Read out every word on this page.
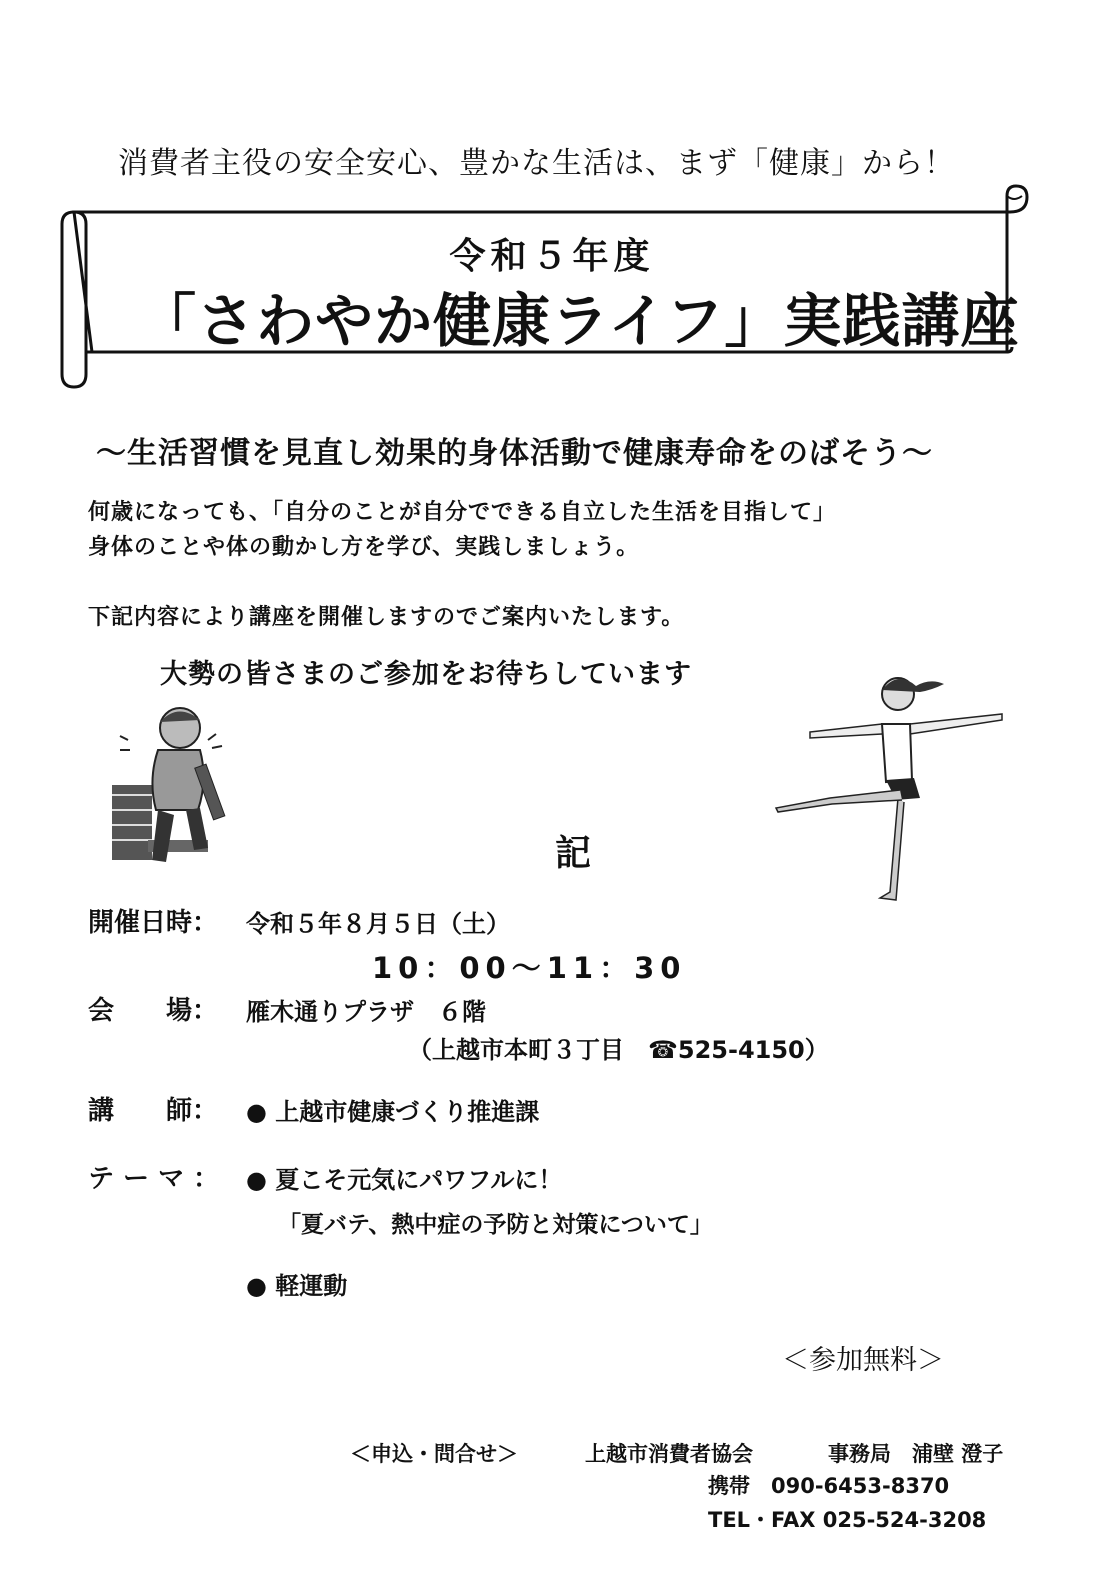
消費者主役の安全安心、豊かな生活は、まず「健康」から！
令和５年度
「さわやか健康ライフ」実践講座
～生活習慣を見直し効果的身体活動で健康寿命をのばそう～
何歳になっても、「自分のことが自分でできる自立した生活を目指して」
身体のことや体の動かし方を学び、実践しましょう。
下記内容により講座を開催しますのでご案内いたします。
大勢の皆さまのご参加をお待ちしています
記
開催日時： 令和５年８月５日（土）
10：00～11：30
会　　場： 雁木通りプラザ　６階
（上越市本町３丁目　☎525-4150）
講　　師： ● 上越市健康づくり推進課
テ ー マ ： ● 夏こそ元気にパワフルに！
「夏バテ、熱中症の予防と対策について」
● 軽運動
＜参加無料＞
＜申込・問合せ＞	上越市消費者協会	事務局　浦壁 澄子
携帯　090-6453-8370
TEL・FAX 025-524-3208
